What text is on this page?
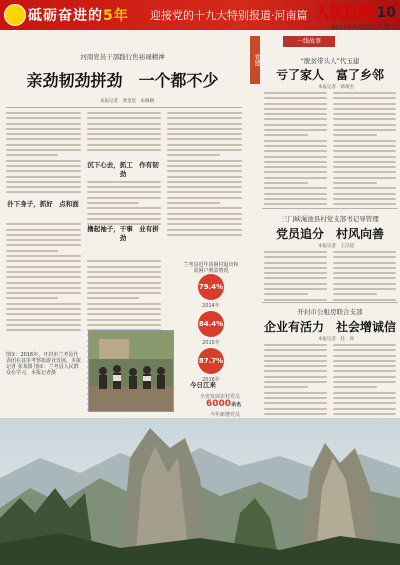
砥砺奋进的5年 迎接党的十九大特别报道·河南篇 人民日报 10
2017年8月25日 星期五
河南党员干部践行焦裕禄精神
亲劲韧劲拼劲　一个都不少
本报记者　龚金星　朱佩娴
扑下身子，抓好　点和面
沉下心去，抓工　作有韧劲
撸起袖子，干事　业有拼劲
图①：2016年，开封市兰考县代表团在县里考察旅游业发展。本报记者 张某摄 图②：兰考县人民群众在学习，本报记者摄
兰考县近年贫困村退出和贫困户脱贫情况
79.4%
2014年
84.4%
2015年
87.7%
2016年
今日江来
全省发展农村党员
6000余名
今年新增党员
党建
一线故事
“脱贫带头人”代玉建
亏了家人　富了乡邻
本报记者　韩俊杰
三门峡渑池县村党支部书记导管理
党员追分　村风向善
本报记者　王汉超
开封市公租房联合支部
企业有活力　社会增诚信
本报记者　任　涛
